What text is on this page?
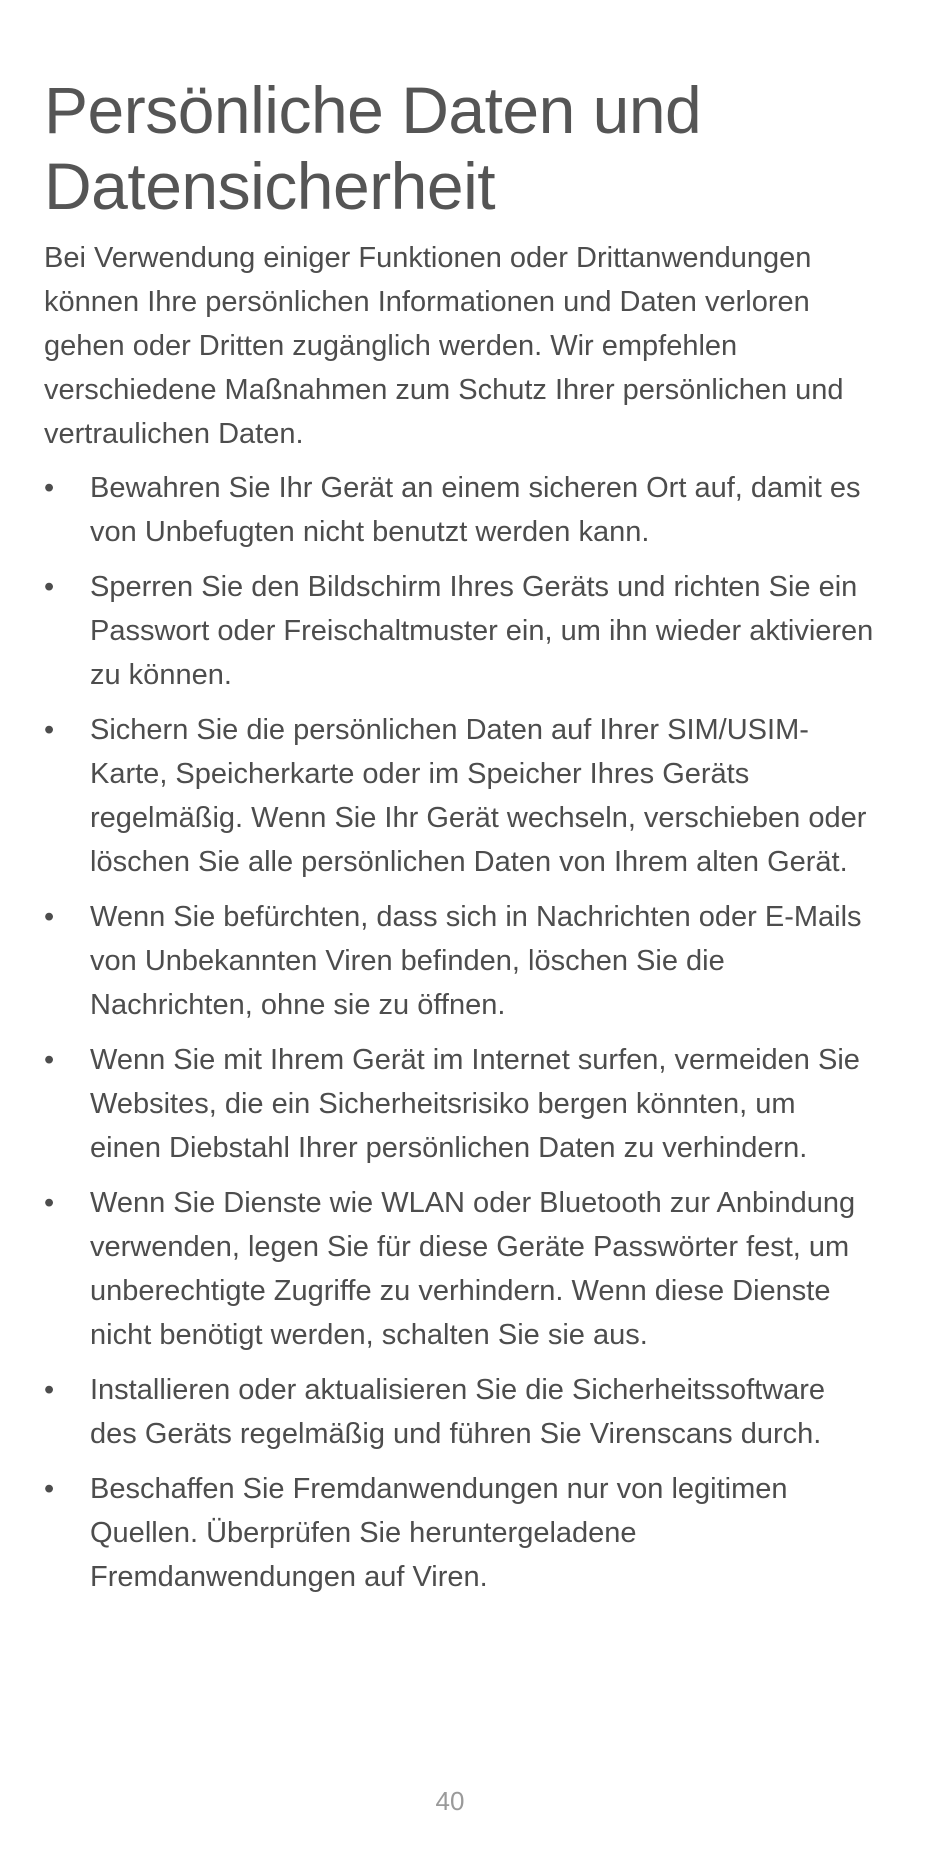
Persönliche Daten und Datensicherheit

Bei Verwendung einiger Funktionen oder Drittanwendungen können Ihre persönlichen Informationen und Daten verloren gehen oder Dritten zugänglich werden. Wir empfehlen verschiedene Maßnahmen zum Schutz Ihrer persönlichen und vertraulichen Daten.

•	Bewahren Sie Ihr Gerät an einem sicheren Ort auf, damit es von Unbefugten nicht benutzt werden kann.
•	Sperren Sie den Bildschirm Ihres Geräts und richten Sie ein Passwort oder Freischaltmuster ein, um ihn wieder aktivieren zu können.
•	Sichern Sie die persönlichen Daten auf Ihrer SIM/USIM-Karte, Speicherkarte oder im Speicher Ihres Geräts regelmäßig. Wenn Sie Ihr Gerät wechseln, verschieben oder löschen Sie alle persönlichen Daten von Ihrem alten Gerät.
•	Wenn Sie befürchten, dass sich in Nachrichten oder E-Mails von Unbekannten Viren befinden, löschen Sie die Nachrichten, ohne sie zu öffnen.
•	Wenn Sie mit Ihrem Gerät im Internet surfen, vermeiden Sie Websites, die ein Sicherheitsrisiko bergen könnten, um einen Diebstahl Ihrer persönlichen Daten zu verhindern.
•	Wenn Sie Dienste wie WLAN oder Bluetooth zur Anbindung verwenden, legen Sie für diese Geräte Passwörter fest, um unberechtigte Zugriffe zu verhindern. Wenn diese Dienste nicht benötigt werden, schalten Sie sie aus.
•	Installieren oder aktualisieren Sie die Sicherheitssoftware des Geräts regelmäßig und führen Sie Virenscans durch.
•	Beschaffen Sie Fremdanwendungen nur von legitimen Quellen. Überprüfen Sie heruntergeladene Fremdanwendungen auf Viren.
40
